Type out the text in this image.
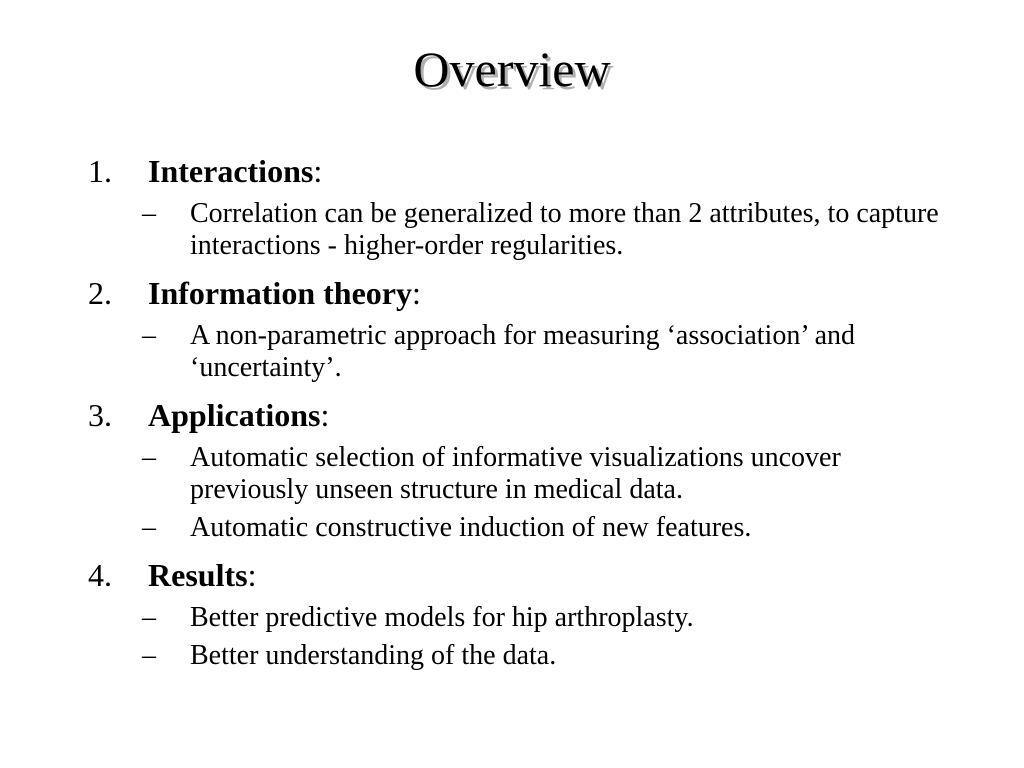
Overview
1. Interactions:
– Correlation can be generalized to more than 2 attributes, to capture interactions - higher-order regularities.
2. Information theory:
– A non-parametric approach for measuring ‘association’ and ‘uncertainty’.
3. Applications:
– Automatic selection of informative visualizations uncover previously unseen structure in medical data.
– Automatic constructive induction of new features.
4. Results:
– Better predictive models for hip arthroplasty.
– Better understanding of the data.
